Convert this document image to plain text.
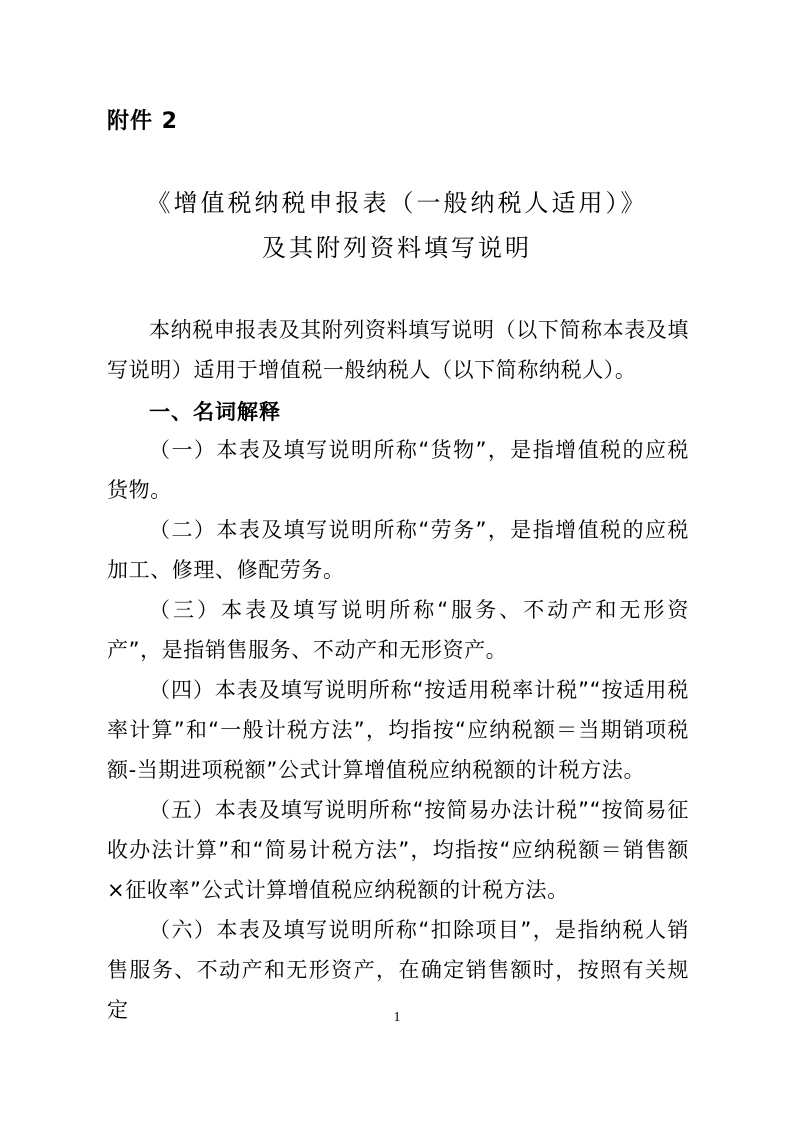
附件 2
《增值税纳税申报表（一般纳税人适用）》
及其附列资料填写说明
本纳税申报表及其附列资料填写说明（以下简称本表及填写说明）适用于增值税一般纳税人（以下简称纳税人）。
一、名词解释
（一）本表及填写说明所称“货物”，是指增值税的应税货物。
（二）本表及填写说明所称“劳务”，是指增值税的应税加工、修理、修配劳务。
（三）本表及填写说明所称“服务、不动产和无形资产”，是指销售服务、不动产和无形资产。
（四）本表及填写说明所称“按适用税率计税”“按适用税率计算”和“一般计税方法”，均指按“应纳税额＝当期销项税额-当期进项税额”公式计算增值税应纳税额的计税方法。
（五）本表及填写说明所称“按简易办法计税”“按简易征收办法计算”和“简易计税方法”，均指按“应纳税额＝销售额×征收率”公式计算增值税应纳税额的计税方法。
（六）本表及填写说明所称“扣除项目”，是指纳税人销售服务、不动产和无形资产，在确定销售额时，按照有关规定	1
